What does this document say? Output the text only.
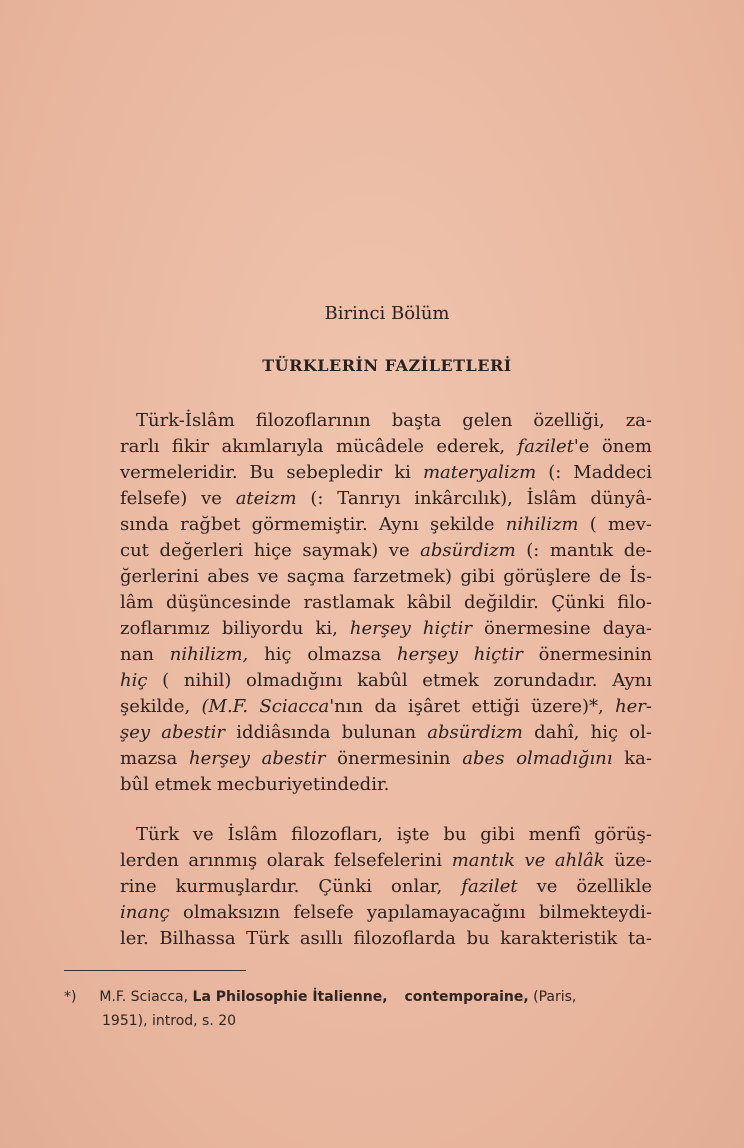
Birinci Bölüm
TÜRKLERİN FAZİLETLERİ
Türk-İslâm filozoflarının başta gelen özelliği, za-
rarlı fikir akımlarıyla mücâdele ederek, fazilet'e önem
vermeleridir. Bu sebepledir ki materyalizm (: Maddeci
felsefe) ve ateizm (: Tanrıyı inkârcılık), İslâm dünyâ-
sında rağbet görmemiştir. Aynı şekilde nihilizm ( mev-
cut değerleri hiçe saymak) ve absürdizm (: mantık de-
ğerlerini abes ve saçma farzetmek) gibi görüşlere de İs-
lâm düşüncesinde rastlamak kâbil değildir. Çünki filo-
zoflarımız biliyordu ki, herşey hiçtir önermesine daya-
nan nihilizm, hiç olmazsa herşey hiçtir önermesinin
hiç ( nihil) olmadığını kabûl etmek zorundadır. Aynı
şekilde, (M.F. Sciacca'nın da işâret ettiği üzere)*, her-
şey abestir iddiâsında bulunan absürdizm dahî, hiç ol-
mazsa herşey abestir önermesinin abes olmadığını ka-
bûl etmek mecburiyetindedir.
Türk ve İslâm filozofları, işte bu gibi menfî görüş-
lerden arınmış olarak felsefelerini mantık ve ahlâk üze-
rine kurmuşlardır. Çünki onlar, fazilet ve özellikle
inanç olmaksızın felsefe yapılamayacağını bilmekteydi-
ler. Bilhassa Türk asıllı filozoflarda bu karakteristik ta-
*) M.F. Sciacca, La Philosophie İtalienne, contemporaine, (Paris,
1951), introd, s. 20
